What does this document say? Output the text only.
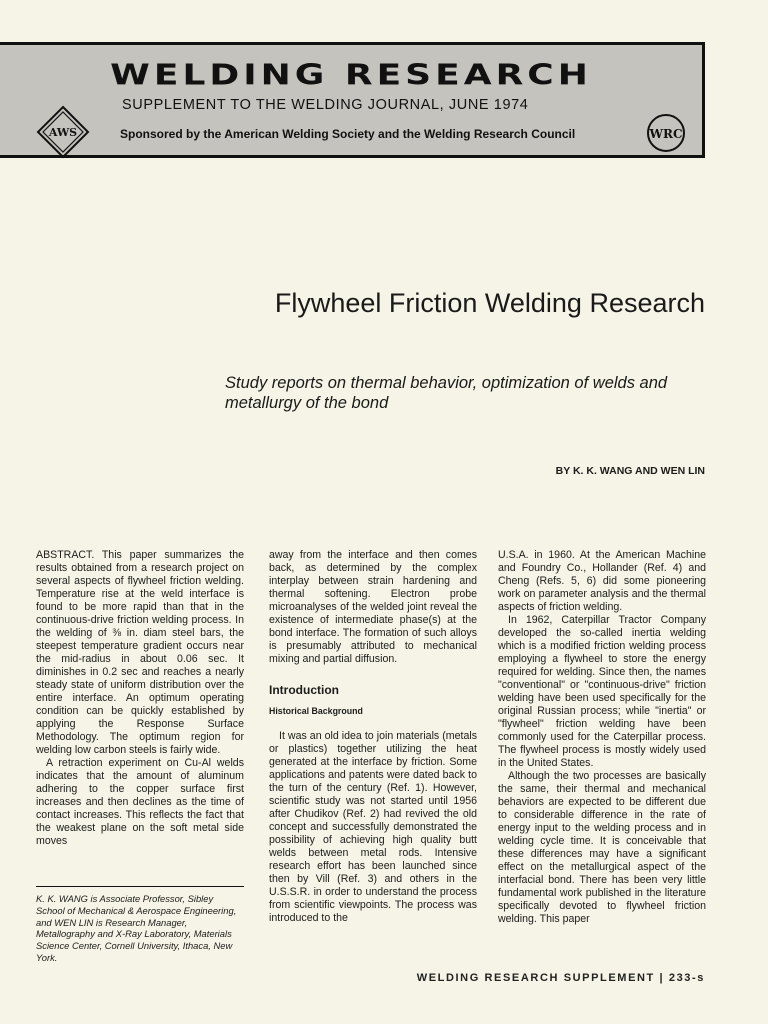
WELDING RESEARCH
AWS
SUPPLEMENT TO THE WELDING JOURNAL, JUNE 1974
Sponsored by the American Welding Society and the Welding Research Council	WRC
Flywheel Friction Welding Research
Study reports on thermal behavior, optimization of welds and metallurgy of the bond
BY K. K. WANG AND WEN LIN

ABSTRACT. This paper summarizes the results obtained from a research project on several aspects of flywheel friction welding. Temperature rise at the weld interface is found to be more rapid than that in the continuous-drive friction welding process. In the welding of ⅜ in. diam steel bars, the steepest temperature gradient occurs near the mid-radius in about 0.06 sec. It diminishes in 0.2 sec and reaches a nearly steady state of uniform distribution over the entire interface. An optimum operating condition can be quickly established by applying the Response Surface Methodology. The optimum region for welding low carbon steels is fairly wide.

A retraction experiment on Cu-Al welds indicates that the amount of aluminum adhering to the copper surface first increases and then declines as the time of contact increases. This reflects the fact that the weakest plane on the soft metal side moves

K. K. WANG is Associate Professor, Sibley School of Mechanical & Aerospace Engineering, and WEN LIN is Research Manager, Metallography and X-Ray Laboratory, Materials Science Center, Cornell University, Ithaca, New York.

away from the interface and then comes back, as determined by the complex interplay between strain hardening and thermal softening. Electron probe microanalyses of the welded joint reveal the existence of intermediate phase(s) at the bond interface. The formation of such alloys is presumably attributed to mechanical mixing and partial diffusion.

Introduction
Historical Background

It was an old idea to join materials (metals or plastics) together utilizing the heat generated at the interface by friction. Some applications and patents were dated back to the turn of the century (Ref. 1). However, scientific study was not started until 1956 after Chudikov (Ref. 2) had revived the old concept and successfully demonstrated the possibility of achieving high quality butt welds between metal rods. Intensive research effort has been launched since then by Vill (Ref. 3) and others in the U.S.S.R. in order to understand the process from scientific viewpoints. The process was introduced to the

U.S.A. in 1960. At the American Machine and Foundry Co., Hollander (Ref. 4) and Cheng (Refs. 5, 6) did some pioneering work on parameter analysis and the thermal aspects of friction welding.

In 1962, Caterpillar Tractor Company developed the so-called inertia welding which is a modified friction welding process employing a flywheel to store the energy required for welding. Since then, the names "conventional" or "continuous-drive" friction welding have been used specifically for the original Russian process; while "inertia" or "flywheel" friction welding have been commonly used for the Caterpillar process. The flywheel process is mostly widely used in the United States.

Although the two processes are basically the same, their thermal and mechanical behaviors are expected to be different due to considerable difference in the rate of energy input to the welding process and in welding cycle time. It is conceivable that these differences may have a significant effect on the metallurgical aspect of the interfacial bond. There has been very little fundamental work published in the literature specifically devoted to flywheel friction welding. This paper

WELDING RESEARCH SUPPLEMENT | 233-s
